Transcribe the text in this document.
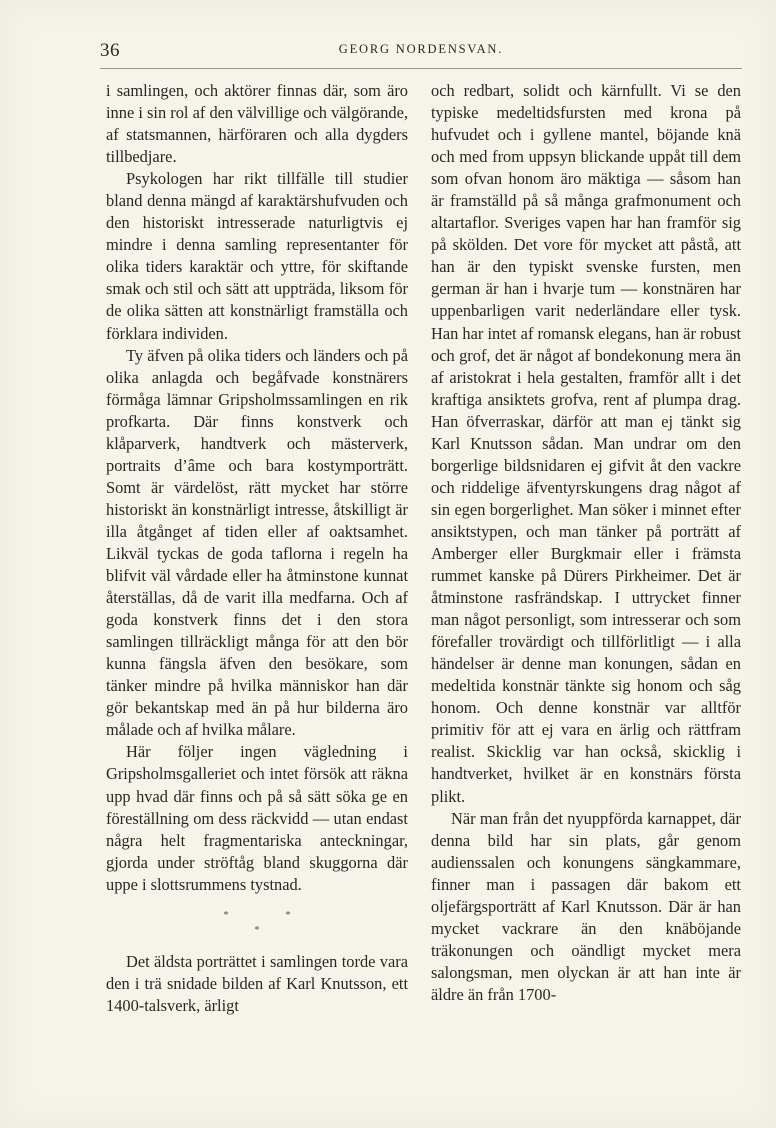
36	GEORG NORDENSVAN.

i samlingen, och aktörer finnas där, som äro inne i sin rol af den välvillige och välgörande, af statsmannen, härföraren och alla dygders tillbedjare.

Psykologen har rikt tillfälle till studier bland denna mängd af karaktärshufvuden och den historiskt intresserade naturligtvis ej mindre i denna samling representanter för olika tiders karaktär och yttre, för skiftande smak och stil och sätt att uppträda, liksom för de olika sätten att konstnärligt framställa och förklara individen.

Ty äfven på olika tiders och länders och på olika anlagda och begåfvade konstnärers förmåga lämnar Gripsholmssamlingen en rik profkarta. Där finns konstverk och klåparverk, handtverk och mästerverk, portraits d’âme och bara kostymporträtt. Somt är värdelöst, rätt mycket har större historiskt än konstnärligt intresse, åtskilligt är illa åtgånget af tiden eller af oaktsamhet. Likväl tyckas de goda taflorna i regeln ha blifvit väl vårdade eller ha åtminstone kunnat återställas, då de varit illa medfarna. Och af goda konstverk finns det i den stora samlingen tillräckligt många för att den bör kunna fängsla äfven den besökare, som tänker mindre på hvilka människor han där gör bekantskap med än på hur bilderna äro målade och af hvilka målare.

Här följer ingen vägledning i Gripsholmsgalleriet och intet försök att räkna upp hvad där finns och på så sätt söka ge en föreställning om dess räckvidd — utan endast några helt fragmentariska anteckningar, gjorda under ströftåg bland skuggorna där uppe i slottsrummens tystnad.

*	*
*

Det äldsta porträttet i samlingen torde vara den i trä snidade bilden af Karl Knutsson, ett 1400-talsverk, ärligt

och redbart, solidt och kärnfullt. Vi se den typiske medeltidsfursten med krona på hufvudet och i gyllene mantel, böjande knä och med from uppsyn blickande uppåt till dem som ofvan honom äro mäktiga — såsom han är framställd på så många grafmonument och altartaflor. Sveriges vapen har han framför sig på skölden. Det vore för mycket att påstå, att han är den typiskt svenske fursten, men german är han i hvarje tum — konstnären har uppenbarligen varit nederländare eller tysk. Han har intet af romansk elegans, han är robust och grof, det är något af bondekonung mera än af aristokrat i hela gestalten, framför allt i det kraftiga ansiktets grofva, rent af plumpa drag. Han öfverraskar, därför att man ej tänkt sig Karl Knutsson sådan. Man undrar om den borgerlige bildsnidaren ej gifvit åt den vackre och riddelige äfventyrskungens drag något af sin egen borgerlighet. Man söker i minnet efter ansiktstypen, och man tänker på porträtt af Amberger eller Burgkmair eller i främsta rummet kanske på Dürers Pirkheimer. Det är åtminstone rasfrändskap. I uttrycket finner man något personligt, som intresserar och som förefaller trovärdigt och tillförlitligt — i alla händelser är denne man konungen, sådan en medeltida konstnär tänkte sig honom och såg honom. Och denne konstnär var alltför primitiv för att ej vara en ärlig och rättfram realist. Skicklig var han också, skicklig i handtverket, hvilket är en konstnärs första plikt.

När man från det nyuppförda karnappet, där denna bild har sin plats, går genom audienssalen och konungens sängkammare, finner man i passagen där bakom ett oljefärgsporträtt af Karl Knutsson. Där är han mycket vackrare än den knäböjande träkonungen och oändligt mycket mera salongsman, men olyckan är att han inte är äldre än från 1700-
